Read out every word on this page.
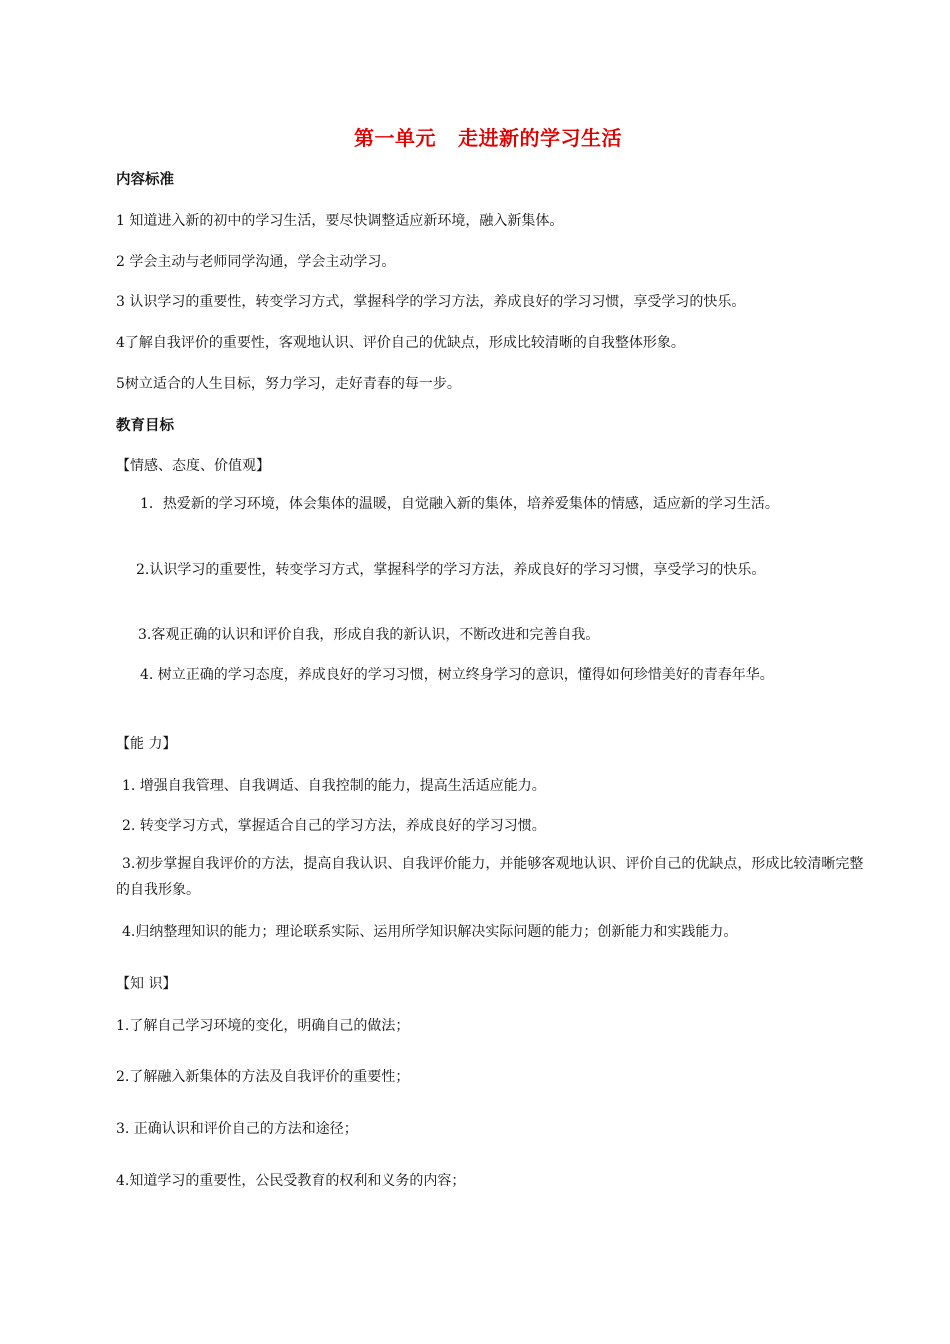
第一单元 走进新的学习生活
内容标准
1 知道进入新的初中的学习生活，要尽快调整适应新环境，融入新集体。
2 学会主动与老师同学沟通，学会主动学习。
3 认识学习的重要性，转变学习方式，掌握科学的学习方法，养成良好的学习习惯，享受学习的快乐。
4了解自我评价的重要性，客观地认识、评价自己的优缺点，形成比较清晰的自我整体形象。
5树立适合的人生目标，努力学习，走好青春的每一步。
教育目标
【情感、态度、价值观】
1．热爱新的学习环境，体会集体的温暖，自觉融入新的集体，培养爱集体的情感，适应新的学习生活。
2.认识学习的重要性，转变学习方式，掌握科学的学习方法，养成良好的学习习惯，享受学习的快乐。
3.客观正确的认识和评价自我，形成自我的新认识，不断改进和完善自我。
4. 树立正确的学习态度，养成良好的学习习惯，树立终身学习的意识，懂得如何珍惜美好的青春年华。
【能 力】
1. 增强自我管理、自我调适、自我控制的能力，提高生活适应能力。
2. 转变学习方式，掌握适合自己的学习方法，养成良好的学习习惯。
3.初步掌握自我评价的方法，提高自我认识、自我评价能力，并能够客观地认识、评价自己的优缺点，形成比较清晰完整的自我形象。
4.归纳整理知识的能力；理论联系实际、运用所学知识解决实际问题的能力；创新能力和实践能力。
【知 识】
1.了解自己学习环境的变化，明确自己的做法；
2.了解融入新集体的方法及自我评价的重要性；
3. 正确认识和评价自己的方法和途径；
4.知道学习的重要性，公民受教育的权利和义务的内容；
